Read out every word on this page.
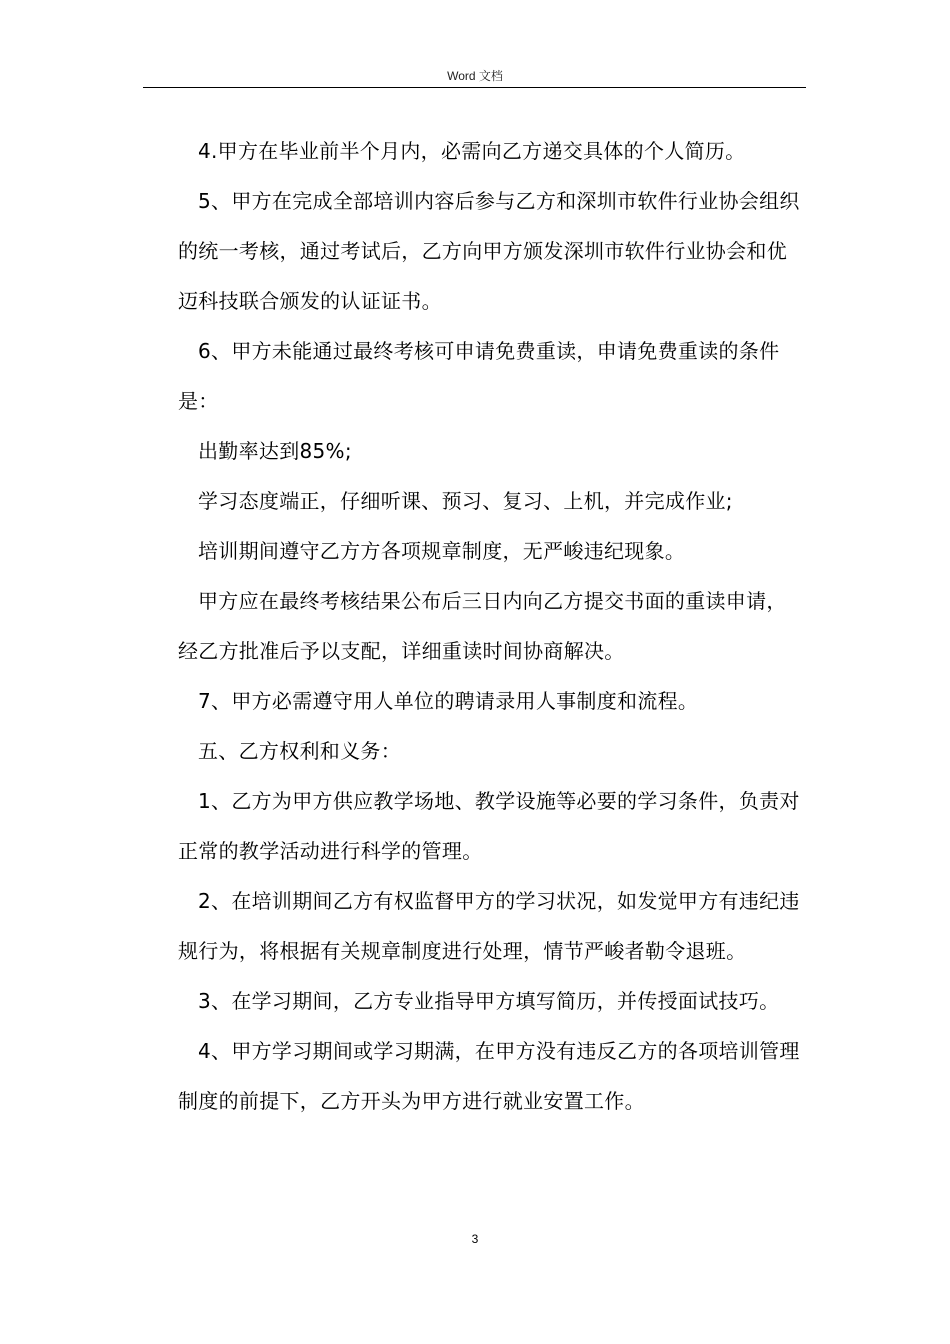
Word 文档

4.甲方在毕业前半个月内，必需向乙方递交具体的个人简历。

5、甲方在完成全部培训内容后参与乙方和深圳市软件行业协会组织的统一考核，通过考试后，乙方向甲方颁发深圳市软件行业协会和优迈科技联合颁发的认证证书。

6、甲方未能通过最终考核可申请免费重读，申请免费重读的条件是：

出勤率达到85%;

学习态度端正，仔细听课、预习、复习、上机，并完成作业;

培训期间遵守乙方方各项规章制度，无严峻违纪现象。

甲方应在最终考核结果公布后三日内向乙方提交书面的重读申请，经乙方批准后予以支配，详细重读时间协商解决。

7、甲方必需遵守用人单位的聘请录用人事制度和流程。

五、乙方权利和义务：

1、乙方为甲方供应教学场地、教学设施等必要的学习条件，负责对正常的教学活动进行科学的管理。

2、在培训期间乙方有权监督甲方的学习状况，如发觉甲方有违纪违规行为，将根据有关规章制度进行处理，情节严峻者勒令退班。

3、在学习期间，乙方专业指导甲方填写简历，并传授面试技巧。

4、甲方学习期间或学习期满，在甲方没有违反乙方的各项培训管理制度的前提下，乙方开头为甲方进行就业安置工作。

3
